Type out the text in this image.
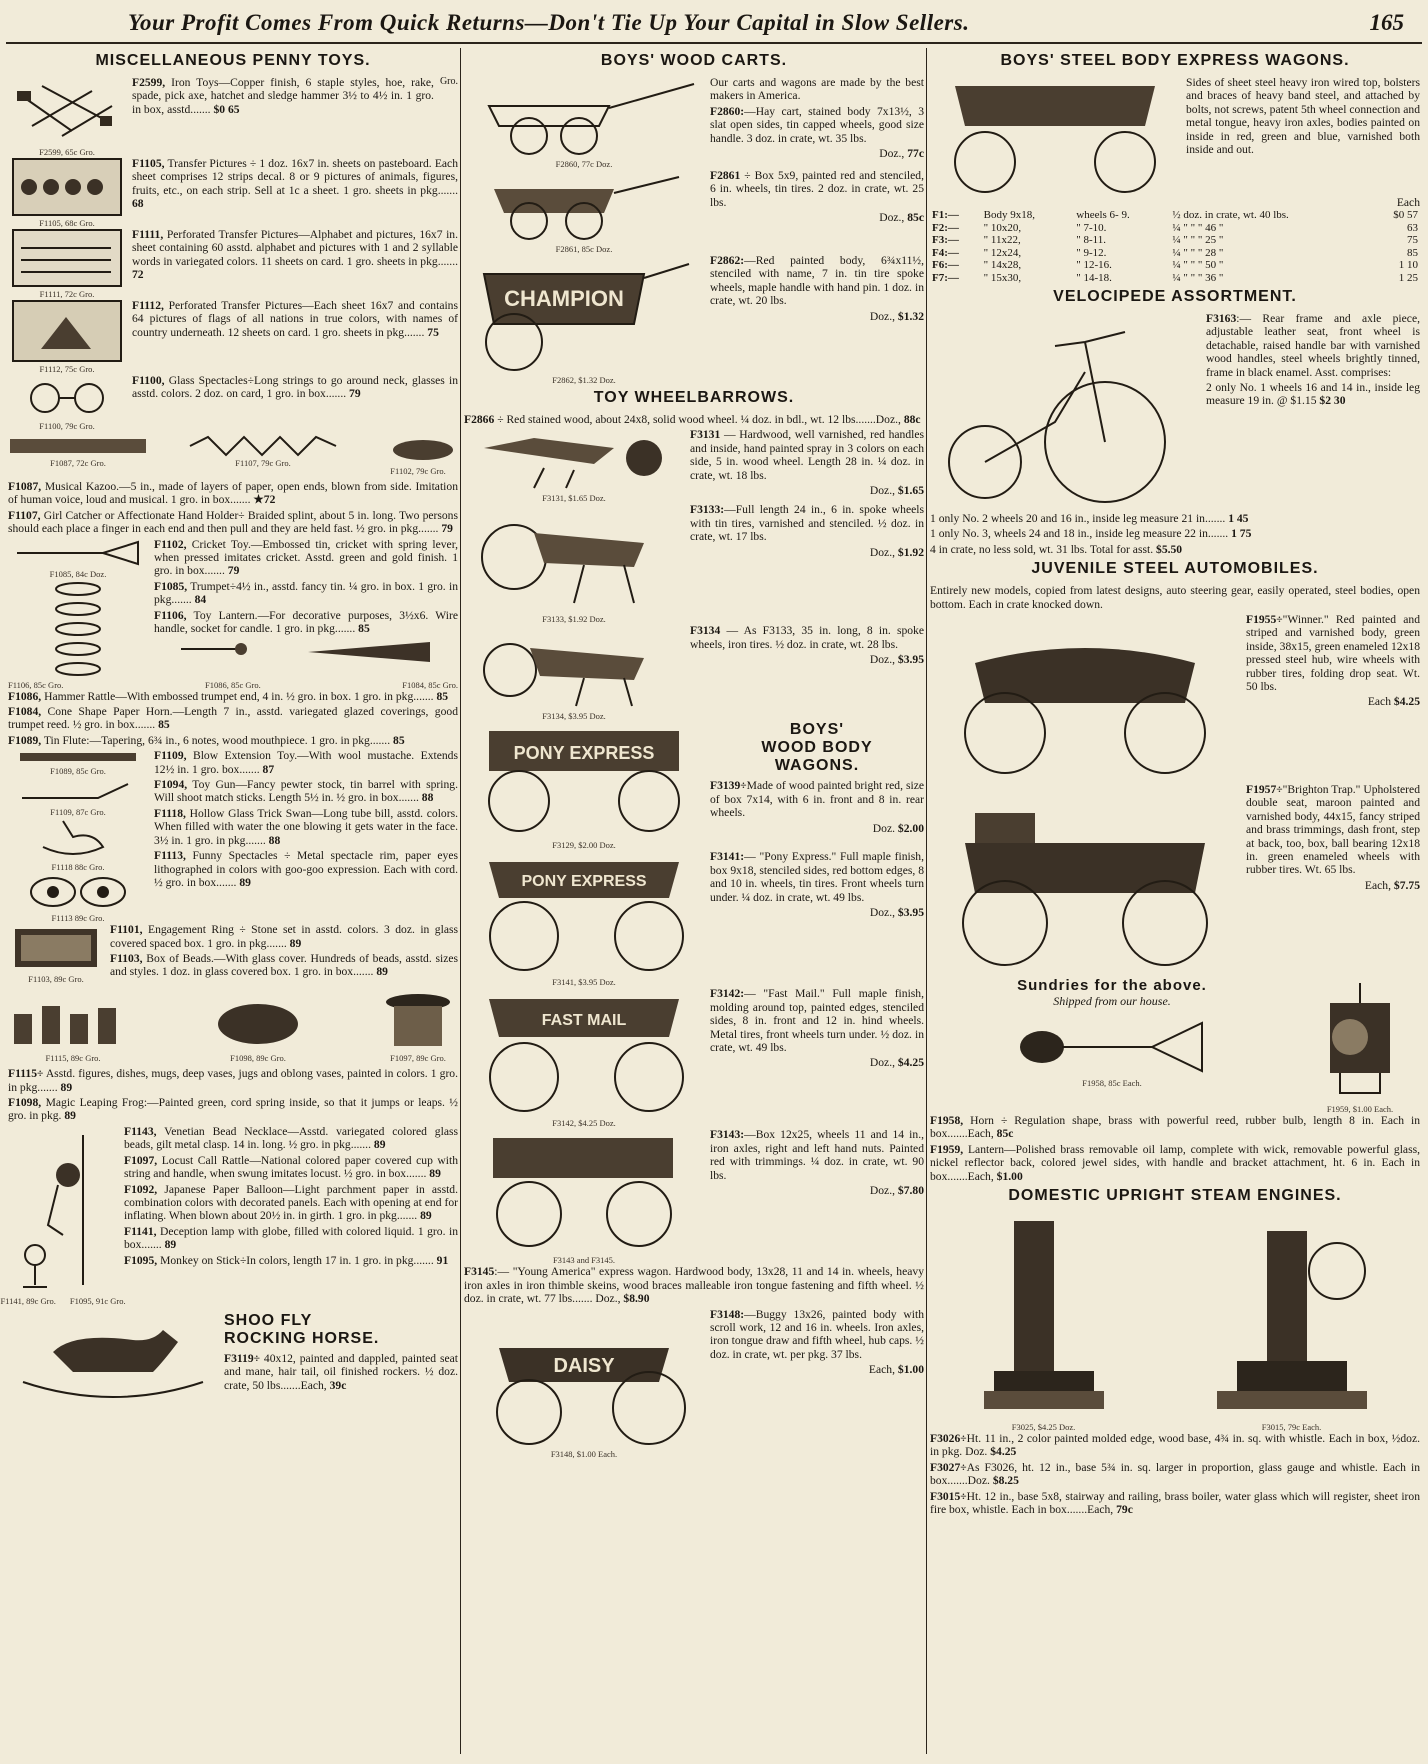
Your Profit Comes From Quick Returns—Don't Tie Up Your Capital in Slow Sellers.	165
MISCELLANEOUS PENNY TOYS.
F2599, 65c Gro.

F2599, Iron Toys—Copper finish, 6 staple styles, hoe, rake, spade, pick axe, hatchet and sledge hammer 3½ to 4½ in. 1 gro. in box, asstd....... $0 65

Gro.
F1105, 68c Gro.

F1105, Transfer Pictures ÷ 1 doz. 16x7 in. sheets on pasteboard. Each sheet comprises 12 strips decal. 8 or 9 pictures of animals, figures, fruits, etc., on each strip. Sell at 1c a sheet. 1 gro. sheets in pkg....... 68

F1111, 72c Gro.

F1111, Perforated Transfer Pictures—Alphabet and pictures, 16x7 in. sheet containing 60 asstd. alphabet and pictures with 1 and 2 syllable words in variegated colors. 11 sheets on card. 1 gro. sheets in pkg....... 72

F1112, 75c Gro.

F1112, Perforated Transfer Pictures—Each sheet 16x7 and contains 64 pictures of flags of all nations in true colors, with names of country underneath. 12 sheets on card. 1 gro. sheets in pkg....... 75

F1100, 79c Gro.

F1100, Glass Spectacles÷Long strings to go around neck, glasses in asstd. colors. 2 doz. on card, 1 gro. in box....... 79

F1087, 72c Gro.	F1107, 79c Gro.
F1102, 79c Gro.

F1087, Musical Kazoo.—5 in., made of layers of paper, open ends, blown from side. Imitation of human voice, loud and musical. 1 gro. in box....... ★72

F1107, Girl Catcher or Affectionate Hand Holder÷ Braided splint, about 5 in. long. Two persons should each place a finger in each end and then pull and they are held fast. ½ gro. in pkg....... 79

F1085, 84c Doz.

F1102, Cricket Toy.—Embossed tin, cricket with spring lever, when pressed imitates cricket. Asstd. green and gold finish. 1 gro. in box....... 79

F1085, Trumpet÷4½ in., asstd. fancy tin. ¼ gro. in box. 1 gro. in pkg....... 84

F1106, Toy Lantern.—For decorative purposes, 3½x6. Wire handle, socket for candle. 1 gro. in pkg....... 85

F1106, 85c Gro.	F1086, 85c Gro.	F1084, 85c Gro.

F1086, Hammer Rattle—With embossed trumpet end, 4 in. ½ gro. in box. 1 gro. in pkg....... 85

F1084, Cone Shape Paper Horn.—Length 7 in., asstd. variegated glazed coverings, good trumpet reed. ½ gro. in box....... 85

F1089, Tin Flute:—Tapering, 6¾ in., 6 notes, wood mouthpiece. 1 gro. in pkg....... 85

F1089, 85c Gro.
F1109, 87c Gro.
F1118 88c Gro.
F1113 89c Gro.

F1109, Blow Extension Toy.—With wool mustache. Extends 12½ in. 1 gro. box....... 87

F1094, Toy Gun—Fancy pewter stock, tin barrel with spring. Will shoot match sticks. Length 5½ in. ½ gro. in box....... 88

F1118, Hollow Glass Trick Swan—Long tube bill, asstd. colors. When filled with water the one blowing it gets water in the face. 3½ in. 1 gro. in pkg....... 88

F1113, Funny Spectacles ÷ Metal spectacle rim, paper eyes lithographed in colors with goo-goo expression. Each with cord. ½ gro. in box....... 89

F1103, 89c Gro.

F1101, Engagement Ring ÷ Stone set in asstd. colors. 3 doz. in glass covered spaced box. 1 gro. in pkg....... 89

F1103, Box of Beads.—With glass cover. Hundreds of beads, asstd. sizes and styles. 1 doz. in glass covered box. 1 gro. in box....... 89

F1115, 89c Gro.	F1098, 89c Gro.	F1097, 89c Gro.

F1115÷ Asstd. figures, dishes, mugs, deep vases, jugs and oblong vases, painted in colors. 1 gro. in pkg....... 89

F1098, Magic Leaping Frog:—Painted green, cord spring inside, so that it jumps or leaps. ½ gro. in pkg. 89

F1141, 89c Gro. F1095, 91c Gro.

F1143, Venetian Bead Necklace—Asstd. variegated colored glass beads, gilt metal clasp. 14 in. long. ½ gro. in pkg....... 89

F1097, Locust Call Rattle—National colored paper covered cup with string and handle, when swung imitates locust. ½ gro. in box....... 89

F1092, Japanese Paper Balloon—Light parchment paper in asstd. combination colors with decorated panels. Each with opening at end for inflating. When blown about 20½ in. in girth. 1 gro. in pkg....... 89

F1141, Deception lamp with globe, filled with colored liquid. 1 gro. in box....... 89

F1095, Monkey on Stick÷In colors, length 17 in. 1 gro. in pkg....... 91

SHOO FLY
ROCKING HORSE.

F3119÷ 40x12, painted and dappled, painted seat and mane, hair tail, oil finished rockers. ½ doz. crate, 50 lbs.......Each, 39c

BOYS' WOOD CARTS.
F2860, 77c Doz.

Our carts and wagons are made by the best makers in America.

F2860:—Hay cart, stained body 7x13½, 3 slat open sides, tin capped wheels, good size handle. 3 doz. in crate, wt. 35 lbs.

Doz., 77c
F2861, 85c Doz.

F2861 ÷ Box 5x9, painted red and stenciled, 6 in. wheels, tin tires. 2 doz. in crate, wt. 25 lbs.

Doz., 85c
CHAMPION
F2862, $1.32 Doz.

F2862:—Red painted body, 6¾x11½, stenciled with name, 7 in. tin tire spoke wheels, maple handle with hand pin. 1 doz. in crate, wt. 20 lbs.

Doz., $1.32
TOY WHEELBARROWS.

F2866 ÷ Red stained wood, about 24x8, solid wood wheel. ¼ doz. in bdl., wt. 12 lbs.......Doz., 88c

F3131, $1.65 Doz.

F3131 — Hardwood, well varnished, red handles and inside, hand painted spray in 3 colors on each side, 5 in. wood wheel. Length 28 in. ¼ doz. in crate, wt. 18 lbs.

Doz., $1.65
F3133, $1.92 Doz.

F3133:—Full length 24 in., 6 in. spoke wheels with tin tires, varnished and stenciled. ½ doz. in crate, wt. 17 lbs.

Doz., $1.92
F3134, $3.95 Doz.

F3134 — As F3133, 35 in. long, 8 in. spoke wheels, iron tires. ½ doz. in crate, wt. 28 lbs.

Doz., $3.95
PONY EXPRESS
F3129, $2.00 Doz.
BOYS'
WOOD BODY
WAGONS.

F3139÷Made of wood painted bright red, size of box 7x14, with 6 in. front and 8 in. rear wheels.

Doz. $2.00
PONY EXPRESS
F3141, $3.95 Doz.

F3141:— "Pony Express." Full maple finish, box 9x18, stenciled sides, red bottom edges, 8 and 10 in. wheels, tin tires. Front wheels turn under. ¼ doz. in crate, wt. 49 lbs.

Doz., $3.95
FAST MAIL
F3142, $4.25 Doz.

F3142:— "Fast Mail." Full maple finish, molding around top, painted edges, stenciled sides, 8 in. front and 12 in. hind wheels. Metal tires, front wheels turn under. ½ doz. in crate, wt. 49 lbs.

Doz., $4.25
F3143 and F3145.

F3143:—Box 12x25, wheels 11 and 14 in., iron axles, right and left hand nuts. Painted red with trimmings. ¼ doz. in crate, wt. 90 lbs.

Doz., $7.80

F3145:— "Young America" express wagon. Hardwood body, 13x28, 11 and 14 in. wheels, heavy iron axles in iron thimble skeins, wood braces malleable iron tongue fastening and fifth wheel. ½ doz. in crate, wt. 77 lbs....... Doz., $8.90

DAISY
F3148, $1.00 Each.

F3148:—Buggy 13x26, painted body with scroll work, 12 and 16 in. wheels. Iron axles, iron tongue draw and fifth wheel, hub caps. ½ doz. in crate, wt. per pkg. 37 lbs.

Each, $1.00
BOYS' STEEL BODY EXPRESS WAGONS.

Sides of sheet steel heavy iron wired top, bolsters and braces of heavy band steel, and attached by bolts, not screws, patent 5th wheel connection and metal tongue, heavy iron axles, bodies painted on inside in red, green and blue, varnished both inside and out.

Each
F1:—	Body 9x18,	wheels 6- 9.	½ doz. in crate, wt. 40 lbs.	$0 57
F2:—	" 10x20,	" 7-10.	¼ " " " 46 "	63
F3:—	" 11x22,	" 8-11.	¼ " " " 25 "	75
F4:—	" 12x24,	" 9-12.	¼ " " " 28 "	85
F6:—	" 14x28,	" 12-16.	¼ " " " 50 "	1 10
F7:—	" 15x30,	" 14-18.	¼ " " " 36 "	1 25
VELOCIPEDE ASSORTMENT.

F3163:— Rear frame and axle piece, adjustable leather seat, front wheel is detachable, raised handle bar with varnished wood handles, steel wheels brightly tinned, frame in black enamel. Asst. comprises:

2 only No. 1 wheels 16 and 14 in., inside leg measure 19 in. @ $1.15 $2 30

1 only No. 2 wheels 20 and 16 in., inside leg measure 21 in....... 1 45

1 only No. 3, wheels 24 and 18 in., inside leg measure 22 in....... 1 75

4 in crate, no less sold, wt. 31 lbs. Total for asst. $5.50

JUVENILE STEEL AUTOMOBILES.

Entirely new models, copied from latest designs, auto steering gear, easily operated, steel bodies, open bottom. Each in crate knocked down.

F1955÷"Winner." Red painted and striped and varnished body, green inside, 38x15, green enameled 12x18 pressed steel hub, wire wheels with rubber tires, folding drop seat. Wt. 50 lbs.

Each $4.25

F1957÷"Brighton Trap." Upholstered double seat, maroon painted and varnished body, 44x15, fancy striped and brass trimmings, dash front, step at back, too, box, ball bearing 12x18 in. green enameled wheels with rubber tires. Wt. 65 lbs.

Each, $7.75
Sundries for the above.
Shipped from our house.
F1958, 85c Each.
F1959, $1.00 Each.

F1958, Horn ÷ Regulation shape, brass with powerful reed, rubber bulb, length 8 in. Each in box.......Each, 85c

F1959, Lantern—Polished brass removable oil lamp, complete with wick, removable powerful glass, nickel reflector back, colored jewel sides, with handle and bracket attachment, ht. 6 in. Each in box.......Each, $1.00

DOMESTIC UPRIGHT STEAM ENGINES.
F3025, $4.25 Doz.	F3015, 79c Each.

F3026÷Ht. 11 in., 2 color painted molded edge, wood base, 4¾ in. sq. with whistle. Each in box, ½doz. in pkg. Doz. $4.25

F3027÷As F3026, ht. 12 in., base 5¾ in. sq. larger in proportion, glass gauge and whistle. Each in box.......Doz. $8.25

F3015÷Ht. 12 in., base 5x8, stairway and railing, brass boiler, water glass which will register, sheet iron fire box, whistle. Each in box.......Each, 79c
